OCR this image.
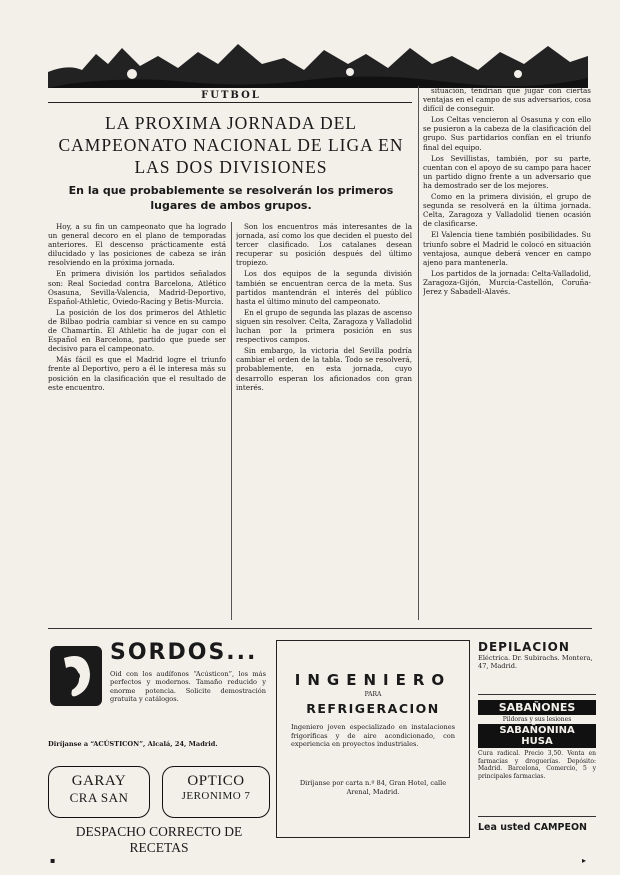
FUTBOL
LA PROXIMA JORNADA DEL CAMPEONATO NACIONAL DE LIGA EN LAS DOS DIVISIONES
En la que probablemente se resolverán los primeros lugares de ambos grupos.

Hoy, a su fin un campeonato que ha logrado un general decoro en el plano de temporadas anteriores. El descenso prácticamente está dilucidado y las posiciones de cabeza se irán resolviendo en la próxima jornada.

En primera división los partidos señalados son: Real Sociedad contra Barcelona, Atlético Osasuna, Sevilla-Valencia, Madrid-Deportivo, Español-Athletic, Oviedo-Racing y Betis-Murcia.

La posición de los dos primeros del Athletic de Bilbao podría cambiar si vence en su campo de Chamartín. El Athletic ha de jugar con el Español en Barcelona, partido que puede ser decisivo para el campeonato.

Más fácil es que el Madrid logre el triunfo frente al Deportivo, pero a él le interesa más su posición en la clasificación que el resultado de este encuentro.

Son los encuentros más interesantes de la jornada, así como los que deciden el puesto del tercer clasificado. Los catalanes desean recuperar su posición después del último tropiezo.

Los dos equipos de la segunda división también se encuentran cerca de la meta. Sus partidos mantendrán el interés del público hasta el último minuto del campeonato.

En el grupo de segunda las plazas de ascenso siguen sin resolver. Celta, Zaragoza y Valladolid luchan por la primera posición en sus respectivos campos.

Sin embargo, la victoria del Sevilla podría cambiar el orden de la tabla. Todo se resolverá, probablemente, en esta jornada, cuyo desarrollo esperan los aficionados con gran interés.

situación, tendrían que jugar con ciertas ventajas en el campo de sus adversarios, cosa difícil de conseguir.

Los Celtas vencieron al Osasuna y con ello se pusieron a la cabeza de la clasificación del grupo. Sus partidarios confían en el triunfo final del equipo.

Los Sevillistas, también, por su parte, cuentan con el apoyo de su campo para hacer un partido digno frente a un adversario que ha demostrado ser de los mejores.

Como en la primera división, el grupo de segunda se resolverá en la última jornada. Celta, Zaragoza y Valladolid tienen ocasión de clasificarse.

El Valencia tiene también posibilidades. Su triunfo sobre el Madrid le colocó en situación ventajosa, aunque deberá vencer en campo ajeno para mantenerla.

Los partidos de la jornada: Celta-Valladolid, Zaragoza-Gijón, Murcia-Castellón, Coruña-Jerez y Sabadell-Alavés.

SORDOS...
Oid con los audífonos “Acústicon”, los más perfectos y modernos. Tamaño reducido y enorme potencia. Solicite demostración gratuita y catálogos.
Diríjanse a “ACÚSTICON”, Alcalá, 24, Madrid.
INGENIERO
PARA
REFRIGERACION
Ingeniero joven especializado en instalaciones frigoríficas y de aire acondicionado, con experiencia en proyectos industriales.
Diríjanse por carta n.º 84, Gran Hotel, calle Arenal, Madrid.
GARAY
CRA SAN
OPTICO
JERONIMO 7
DESPACHO CORRECTO DE RECETAS
DEPILACION
Eléctrica. Dr. Subirachs. Montera, 47, Madrid.
SABAÑONES
Pildoras y sus lesiones
SABAÑONINA
HUSA
Cura radical. Precio 3,50. Venta en farmacias y droguerías. Depósito: Madrid. Barcelona, Comercio, 5 y principales farmacias.
Lea usted CAMPEON
▪	▸
